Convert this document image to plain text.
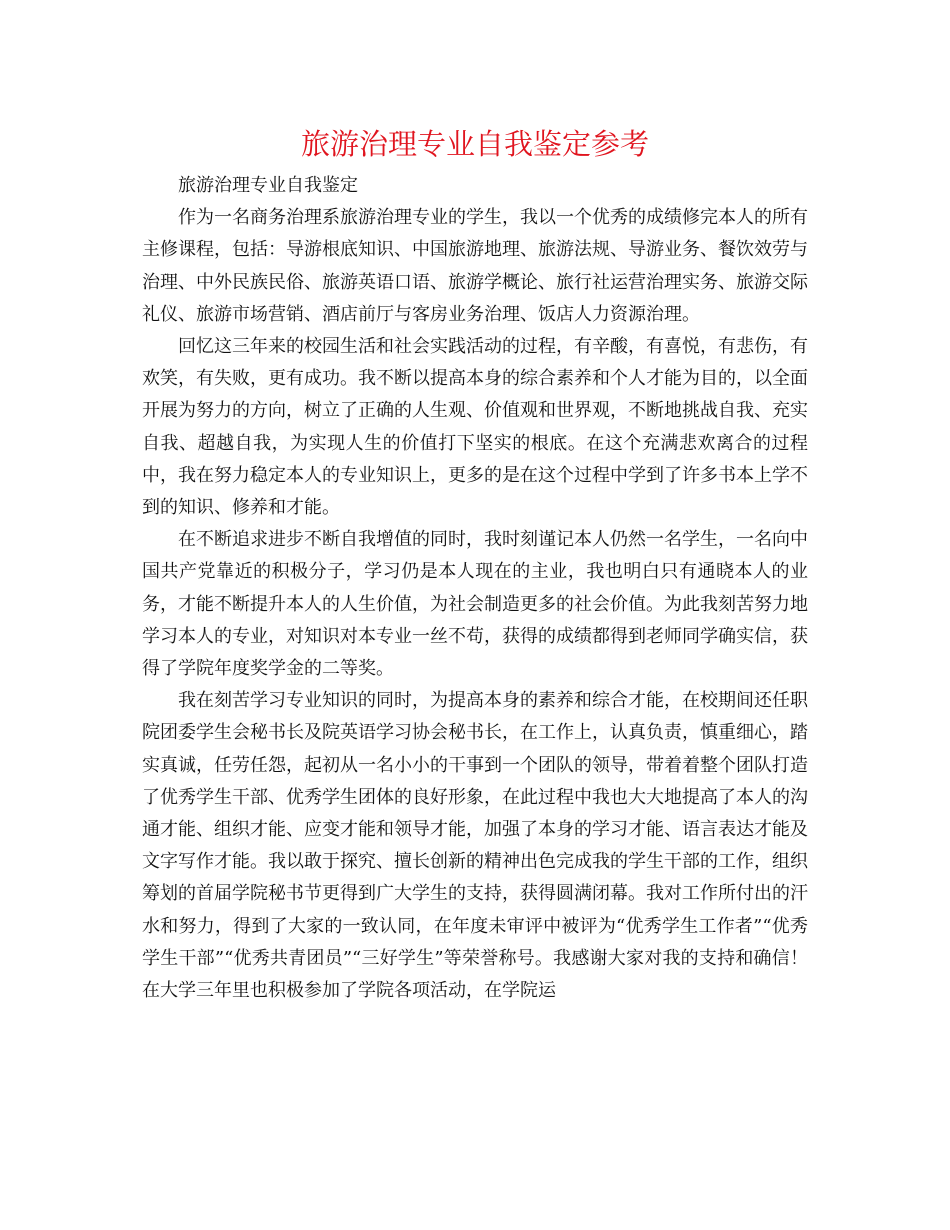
旅游治理专业自我鉴定参考

旅游治理专业自我鉴定

作为一名商务治理系旅游治理专业的学生，我以一个优秀的成绩修完本人的所有主修课程，包括：导游根底知识、中国旅游地理、旅游法规、导游业务、餐饮效劳与治理、中外民族民俗、旅游英语口语、旅游学概论、旅行社运营治理实务、旅游交际礼仪、旅游市场营销、酒店前厅与客房业务治理、饭店人力资源治理。

回忆这三年来的校园生活和社会实践活动的过程，有辛酸，有喜悦，有悲伤，有欢笑，有失败，更有成功。我不断以提高本身的综合素养和个人才能为目的，以全面开展为努力的方向，树立了正确的人生观、价值观和世界观，不断地挑战自我、充实自我、超越自我，为实现人生的价值打下坚实的根底。在这个充满悲欢离合的过程中，我在努力稳定本人的专业知识上，更多的是在这个过程中学到了许多书本上学不到的知识、修养和才能。

在不断追求进步不断自我增值的同时，我时刻谨记本人仍然一名学生，一名向中国共产党靠近的积极分子，学习仍是本人现在的主业，我也明白只有通晓本人的业务，才能不断提升本人的人生价值，为社会制造更多的社会价值。为此我刻苦努力地学习本人的专业，对知识对本专业一丝不苟，获得的成绩都得到老师同学确实信，获得了学院年度奖学金的二等奖。

我在刻苦学习专业知识的同时，为提高本身的素养和综合才能，在校期间还任职院团委学生会秘书长及院英语学习协会秘书长，在工作上，认真负责，慎重细心，踏实真诚，任劳任怨，起初从一名小小的干事到一个团队的领导，带着着整个团队打造了优秀学生干部、优秀学生团体的良好形象，在此过程中我也大大地提高了本人的沟通才能、组织才能、应变才能和领导才能，加强了本身的学习才能、语言表达才能及文字写作才能。我以敢于探究、擅长创新的精神出色完成我的学生干部的工作，组织筹划的首届学院秘书节更得到广大学生的支持，获得圆满闭幕。我对工作所付出的汗水和努力，得到了大家的一致认同，在年度未审评中被评为“优秀学生工作者”“优秀学生干部”“优秀共青团员”“三好学生”等荣誉称号。我感谢大家对我的支持和确信！在大学三年里也积极参加了学院各项活动，在学院运
